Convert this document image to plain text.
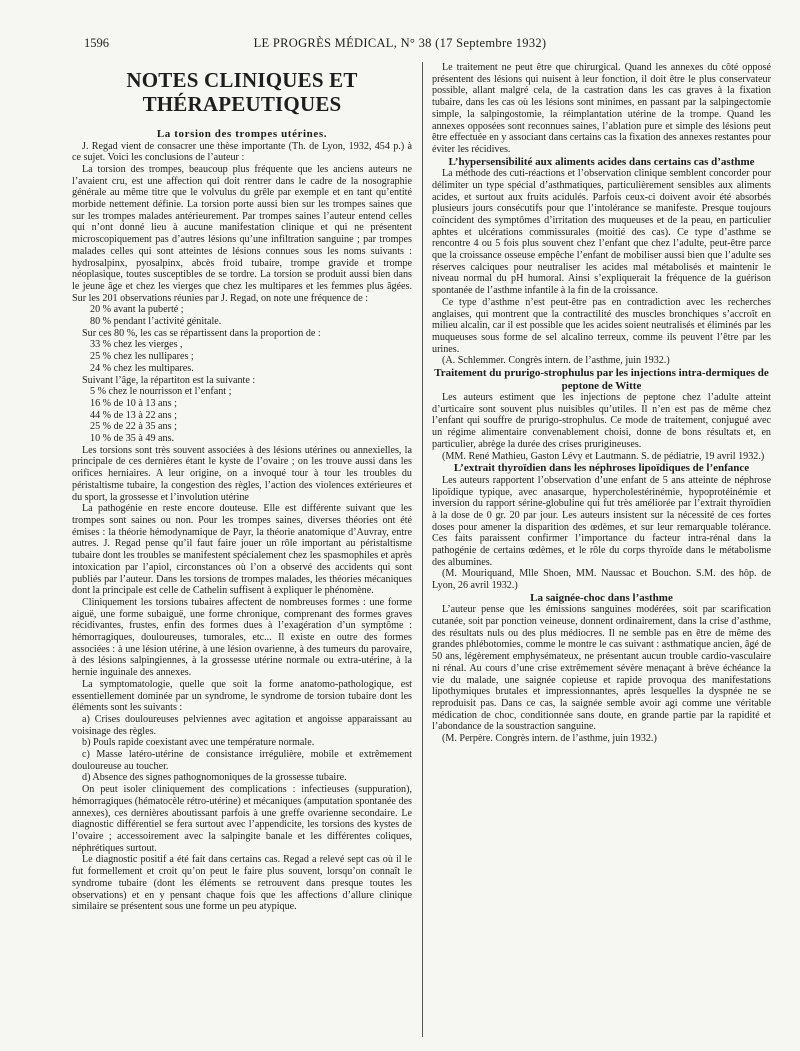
1596	LE PROGRÈS MÉDICAL, N° 38 (17 Septembre 1932)
NOTES CLINIQUES ET THÉRAPEUTIQUES

La torsion des trompes utérines.

J. Regad vient de consacrer une thèse importante (Th. de Lyon, 1932, 454 p.) à ce sujet. Voici les conclusions de l’auteur :

La torsion des trompes, beaucoup plus fréquente que les anciens auteurs ne l’avaient cru, est une affection qui doit rentrer dans le cadre de la nosographie générale au même titre que le volvulus du grêle par exemple et en tant qu’entité morbide nettement définie. La torsion porte aussi bien sur les trompes saines que sur les trompes malades antérieurement. Par trompes saines l’auteur entend celles qui n’ont donné lieu à aucune manifestation clinique et qui ne présentent microscopiquement pas d’autres lésions qu’une infiltration sanguine ; par trompes malades celles qui sont atteintes de lésions connues sous les noms suivants : hydrosalpinx, pyosalpinx, abcès froid tubaire, trompe gravide et trompe néoplasique, toutes susceptibles de se tordre. La torsion se produit aussi bien dans le jeune âge et chez les vierges que chez les multipares et les femmes plus âgées. Sur les 201 observations réunies par J. Regad, on note une fréquence de :

20 % avant la puberté ;

80 % pendant l’activité génitale.

Sur ces 80 %, les cas se répartissent dans la proportion de :

33 % chez les vierges ,

25 % chez les nullipares ;

24 % chez les multipares.

Suivant l’âge, la répartiton est la suivante :

5 % chez le nourrisson et l’enfant ;

16 % de 10 à 13 ans ;

44 % de 13 à 22 ans ;

25 % de 22 à 35 ans ;

10 % de 35 à 49 ans.

Les torsions sont très souvent associées à des lésions utérines ou annexielles, la principale de ces dernières étant le kyste de l’ovaire ; on les trouve aussi dans les orifices herniaires. A leur origine, on a invoqué tour à tour les troubles du péristaltisme tubaire, la congestion des règles, l’action des violences extérieures et du sport, la grossesse et l’involution utérine

La pathogénie en reste encore douteuse. Elle est différente suivant que les trompes sont saines ou non. Pour les trompes saines, diverses théories ont été émises : la théorie hémodynamique de Payr, la théorie anatomique d’Auvray, entre autres. J. Regad pense qu’il faut faire jouer un rôle important au péristaltisme tubaire dont les troubles se manifestent spécialement chez les spasmophiles et après intoxication par l’apiol, circonstances où l’on a observé des accidents qui sont publiés par l’auteur. Dans les torsions de trompes malades, les théories mécaniques dont la principale est celle de Cathelin suffisent à expliquer le phénomène.

Cliniquement les torsions tubaires affectent de nombreuses formes : une forme aiguë, une forme subaiguë, une forme chronique, comprenant des formes graves récidivantes, frustes, enfin des formes dues à l’exagération d’un symptôme : hémorragiques, douloureuses, tumorales, etc... Il existe en outre des formes associées : à une lésion utérine, à une lésion ovarienne, à des tumeurs du parovaire, à des lésions salpingiennes, à la grossesse utérine normale ou extra-utérine, à la hernie inguinale des annexes.

La symptomatologie, quelle que soit la forme anatomo-pathologique, est essentiellement dominée par un syndrome, le syndrome de torsion tubaire dont les éléments sont les suivants :

a) Crises douloureuses pelviennes avec agitation et angoisse apparaissant au voisinage des règles.

b) Pouls rapide coexistant avec une température normale.

c) Masse latéro-utérine de consistance irrégulière, mobile et extrêmement douloureuse au toucher.

d) Absence des signes pathognomoniques de la grossesse tubaire.

On peut isoler cliniquement des complications : infectieuses (suppuration), hémorragiques (hématocèle rétro-utérine) et mécaniques (amputation spontanée des annexes), ces dernières aboutissant parfois à une greffe ovarienne secondaire. Le diagnostic différentiel se fera surtout avec l’appendicite, les torsions des kystes de l’ovaire ; accessoirement avec la salpingite banale et les différentes coliques, néphrétiques surtout.

Le diagnostic positif a été fait dans certains cas. Regad a relevé sept cas où il le fut formellement et croit qu’on peut le faire plus souvent, lorsqu’on connaît le syndrome tubaire (dont les éléments se retrouvent dans presque toutes les observations) et en y pensant chaque fois que les affections d’allure clinique similaire se présentent sous une forme un peu atypique.

Le traitement ne peut être que chirurgical. Quand les annexes du côté opposé présentent des lésions qui nuisent à leur fonction, il doit être le plus conservateur possible, allant malgré cela, de la castration dans les cas graves à la fixation tubaire, dans les cas où les lésions sont minimes, en passant par la salpingectomie simple, la salpingostomie, la réimplantation utérine de la trompe. Quand les annexes opposées sont reconnues saines, l’ablation pure et simple des lésions peut être effectuée en y associant dans certains cas la fixation des annexes restantes pour éviter les récidives.

L’hypersensibilité aux aliments acides dans certains cas d’asthme

La méthode des cuti-réactions et l’observation clinique semblent concorder pour délimiter un type spécial d’asthmatiques, particulièrement sensibles aux aliments acides, et surtout aux fruits acidulés. Parfois ceux-ci doivent avoir été absorbés plusieurs jours consécutifs pour que l’intolérance se manifeste. Presque toujours coïncident des symptômes d’irritation des muqueuses et de la peau, en particulier aphtes et ulcérations commissurales (moitié des cas). Ce type d’asthme se rencontre 4 ou 5 fois plus souvent chez l’enfant que chez l’adulte, peut-être parce que la croissance osseuse empêche l’enfant de mobiliser aussi bien que l’adulte ses réserves calciques pour neutraliser les acides mal métabolisés et maintenir le niveau normal du pH humoral. Ainsi s’expliquerait la fréquence de la guérison spontanée de l’asthme infantile à la fin de la croissance.

Ce type d’asthme n’est peut-être pas en contradiction avec les recherches anglaises, qui montrent que la contractilité des muscles bronchiques s’accroît en milieu alcalin, car il est possible que les acides soient neutralisés et éliminés par les muqueuses sous forme de sel alcalino terreux, comme ils peuvent l’être par les urines.

(A. Schlemmer. Congrès intern. de l’asthme, juin 1932.)

Traitement du prurigo-strophulus par les injections intra-dermiques de peptone de Witte

Les auteurs estiment que les injections de peptone chez l’adulte atteint d’urticaire sont souvent plus nuisibles qu’utiles. Il n’en est pas de même chez l’enfant qui souffre de prurigo-strophulus. Ce mode de traitement, conjugué avec un régime alimentaire convenablement choisi, donne de bons résultats et, en particulier, abrège la durée des crises prurigineuses.

(MM. René Mathieu, Gaston Lévy et Lautmann. S. de pédiatrie, 19 avril 1932.)

L’extrait thyroïdien dans les néphroses lipoïdiques de l’enfance

Les auteurs rapportent l’observation d’une enfant de 5 ans atteinte de néphrose lipoïdique typique, avec anasarque, hypercholestérinémie, hypoprotéinémie et inversion du rapport sérine-globuline qui fut très améliorée par l’extrait thyroïdien à la dose de 0 gr. 20 par jour. Les auteurs insistent sur la nécessité de ces fortes doses pour amener la disparition des œdèmes, et sur leur remarquable tolérance. Ces faits paraissent confirmer l’importance du facteur intra-rénal dans la pathogénie de certains œdèmes, et le rôle du corps thyroïde dans le métabolisme des albumines.

(M. Mouriquand, Mlle Shoen, MM. Naussac et Bouchon. S.M. des hôp. de Lyon, 26 avril 1932.)

La saignée-choc dans l’asthme

L’auteur pense que les émissions sanguines modérées, soit par scarification cutanée, soit par ponction veineuse, donnent ordinairement, dans la crise d’asthme, des résultats nuls ou des plus médiocres. Il ne semble pas en être de même des grandes phlébotomies, comme le montre le cas suivant : asthmatique ancien, âgé de 50 ans, légèrement emphysémateux, ne présentant aucun trouble cardio-vasculaire ni rénal. Au cours d’une crise extrêmement sévère menaçant à brève échéance la vie du malade, une saignée copieuse et rapide provoqua des manifestations lipothymiques brutales et impressionnantes, après lesquelles la dyspnée ne se reproduisit pas. Dans ce cas, la saignée semble avoir agi comme une véritable médication de choc, conditionnée sans doute, en grande partie par la rapidité et l’abondance de la soustraction sanguine.

(M. Perpère. Congrès intern. de l’asthme, juin 1932.)
